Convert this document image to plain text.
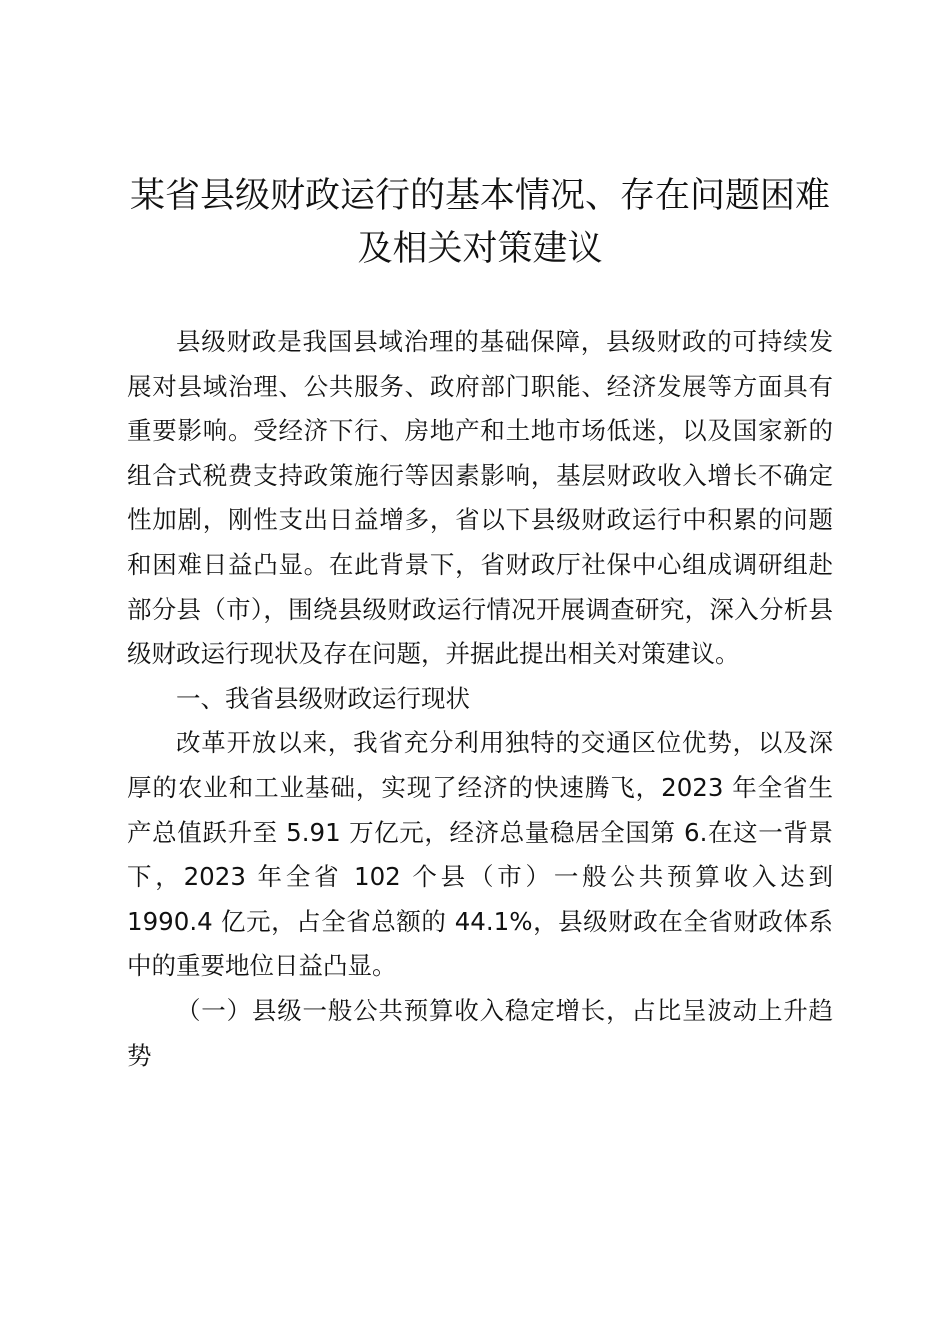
某省县级财政运行的基本情况、存在问题困难
及相关对策建议

县级财政是我国县域治理的基础保障，县级财政的可持续发展对县域治理、公共服务、政府部门职能、经济发展等方面具有重要影响。受经济下行、房地产和土地市场低迷，以及国家新的组合式税费支持政策施行等因素影响，基层财政收入增长不确定性加剧，刚性支出日益增多，省以下县级财政运行中积累的问题和困难日益凸显。在此背景下，省财政厅社保中心组成调研组赴部分县（市），围绕县级财政运行情况开展调查研究，深入分析县级财政运行现状及存在问题，并据此提出相关对策建议。

一、我省县级财政运行现状

改革开放以来，我省充分利用独特的交通区位优势，以及深厚的农业和工业基础，实现了经济的快速腾飞，2023 年全省生产总值跃升至 5.91 万亿元，经济总量稳居全国第 6.在这一背景下，2023 年全省 102 个县（市）一般公共预算收入达到 1990.4 亿元，占全省总额的 44.1%，县级财政在全省财政体系中的重要地位日益凸显。

（一）县级一般公共预算收入稳定增长，占比呈波动上升趋势
